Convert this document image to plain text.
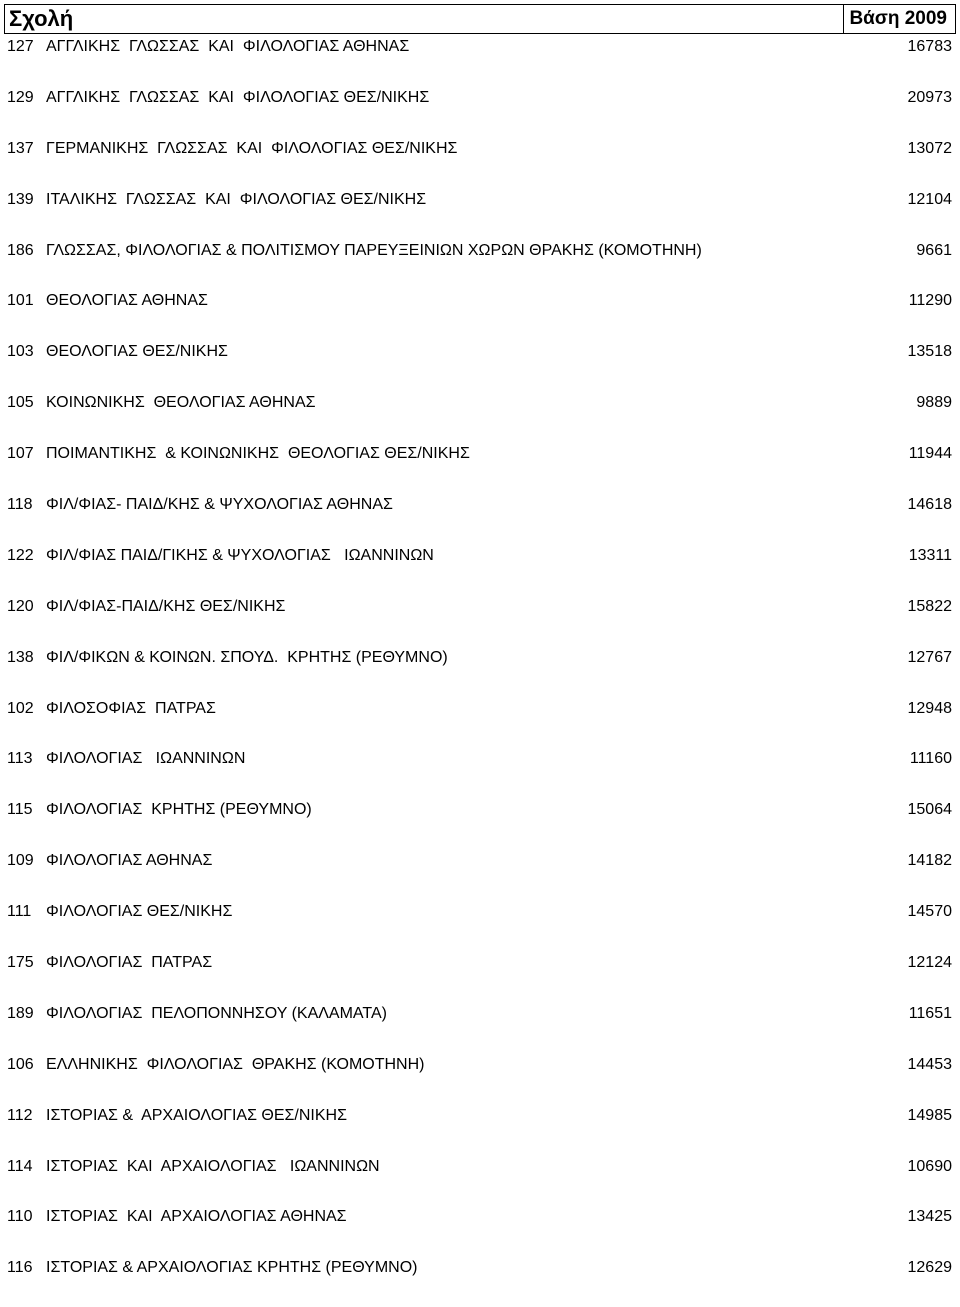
Σχολή	Βάση 2009
127 ΑΓΓΛΙΚΗΣ  ΓΛΩΣΣΑΣ  ΚΑΙ  ΦΙΛΟΛΟΓΙΑΣ ΑΘΗΝΑΣ	16783
129 ΑΓΓΛΙΚΗΣ  ΓΛΩΣΣΑΣ  ΚΑΙ  ΦΙΛΟΛΟΓΙΑΣ ΘΕΣ/ΝΙΚΗΣ	20973
137 ΓΕΡΜΑΝΙΚΗΣ  ΓΛΩΣΣΑΣ  ΚΑΙ  ΦΙΛΟΛΟΓΙΑΣ ΘΕΣ/ΝΙΚΗΣ	13072
139 ΙΤΑΛΙΚΗΣ  ΓΛΩΣΣΑΣ  ΚΑΙ  ΦΙΛΟΛΟΓΙΑΣ ΘΕΣ/ΝΙΚΗΣ	12104
186 ΓΛΩΣΣΑΣ, ΦΙΛΟΛΟΓΙΑΣ & ΠΟΛΙΤΙΣΜΟΥ ΠΑΡΕΥΞΕΙΝΙΩΝ ΧΩΡΩΝ ΘΡΑΚΗΣ (ΚΟΜΟΤΗΝΗ)	9661
101 ΘΕΟΛΟΓΙΑΣ ΑΘΗΝΑΣ	11290
103 ΘΕΟΛΟΓΙΑΣ ΘΕΣ/ΝΙΚΗΣ	13518
105 ΚΟΙΝΩΝΙΚΗΣ  ΘΕΟΛΟΓΙΑΣ ΑΘΗΝΑΣ	9889
107 ΠΟΙΜΑΝΤΙΚΗΣ  & ΚΟΙΝΩΝΙΚΗΣ  ΘΕΟΛΟΓΙΑΣ ΘΕΣ/ΝΙΚΗΣ	11944
118 ΦΙΛ/ΦΙΑΣ- ΠΑΙΔ/ΚΗΣ & ΨΥΧΟΛΟΓΙΑΣ ΑΘΗΝΑΣ	14618
122 ΦΙΛ/ΦΙΑΣ ΠΑΙΔ/ΓΙΚΗΣ & ΨΥΧΟΛΟΓΙΑΣ   ΙΩΑΝΝΙΝΩΝ	13311
120 ΦΙΛ/ΦΙΑΣ-ΠΑΙΔ/ΚΗΣ ΘΕΣ/ΝΙΚΗΣ	15822
138 ΦΙΛ/ΦΙΚΩΝ & ΚΟΙΝΩΝ. ΣΠΟΥΔ.  ΚΡΗΤΗΣ (ΡΕΘΥΜΝΟ)	12767
102 ΦΙΛΟΣΟΦΙΑΣ  ΠΑΤΡΑΣ	12948
113 ΦΙΛΟΛΟΓΙΑΣ   ΙΩΑΝΝΙΝΩΝ	11160
115 ΦΙΛΟΛΟΓΙΑΣ  ΚΡΗΤΗΣ (ΡΕΘΥΜΝΟ)	15064
109 ΦΙΛΟΛΟΓΙΑΣ ΑΘΗΝΑΣ	14182
111 ΦΙΛΟΛΟΓΙΑΣ ΘΕΣ/ΝΙΚΗΣ	14570
175 ΦΙΛΟΛΟΓΙΑΣ  ΠΑΤΡΑΣ	12124
189 ΦΙΛΟΛΟΓΙΑΣ  ΠΕΛΟΠΟΝΝΗΣΟΥ (ΚΑΛΑΜΑΤΑ)	11651
106 ΕΛΛΗΝΙΚΗΣ  ΦΙΛΟΛΟΓΙΑΣ  ΘΡΑΚΗΣ (ΚΟΜΟΤΗΝΗ)	14453
112 ΙΣΤΟΡΙΑΣ &  ΑΡΧΑΙΟΛΟΓΙΑΣ ΘΕΣ/ΝΙΚΗΣ	14985
114 ΙΣΤΟΡΙΑΣ  ΚΑΙ  ΑΡΧΑΙΟΛΟΓΙΑΣ   ΙΩΑΝΝΙΝΩΝ	10690
110 ΙΣΤΟΡΙΑΣ  ΚΑΙ  ΑΡΧΑΙΟΛΟΓΙΑΣ ΑΘΗΝΑΣ	13425
116 ΙΣΤΟΡΙΑΣ & ΑΡΧΑΙΟΛΟΓΙΑΣ ΚΡΗΤΗΣ (ΡΕΘΥΜΝΟ)	12629
